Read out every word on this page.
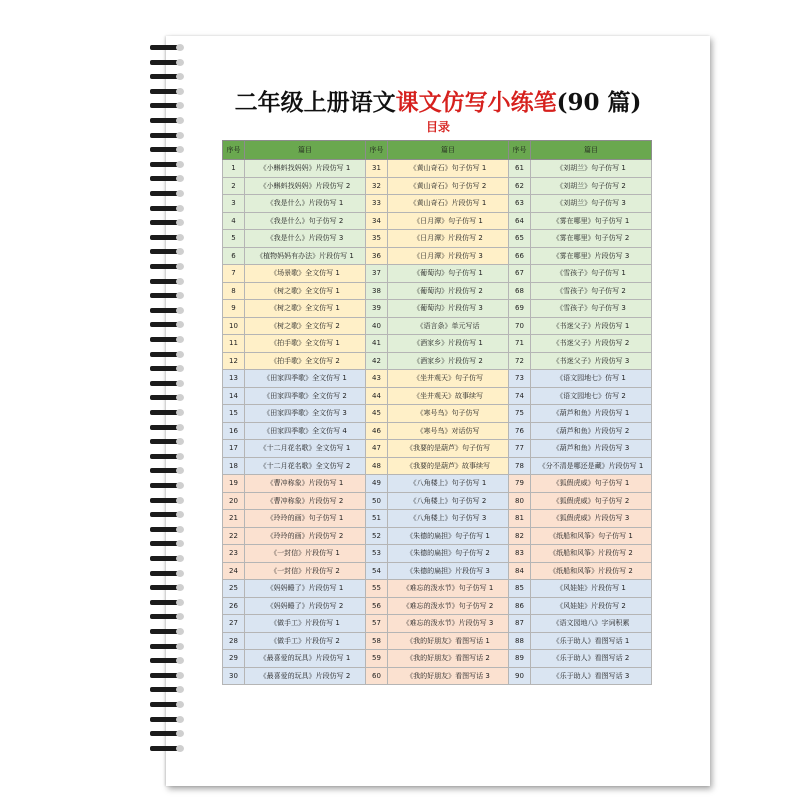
二年级上册语文课文仿写小练笔(90 篇)
目录
序号	篇目	序号	篇目	序号	篇目
1	《小蝌蚪找妈妈》片段仿写 1	31	《黄山奇石》句子仿写 1	61	《刘胡兰》句子仿写 1
2	《小蝌蚪找妈妈》片段仿写 2	32	《黄山奇石》句子仿写 2	62	《刘胡兰》句子仿写 2
3	《我是什么》片段仿写 1	33	《黄山奇石》片段仿写 1	63	《刘胡兰》句子仿写 3
4	《我是什么》句子仿写 2	34	《日月潭》句子仿写 1	64	《雾在哪里》句子仿写 1
5	《我是什么》片段仿写 3	35	《日月潭》片段仿写 2	65	《雾在哪里》句子仿写 2
6	《植物妈妈有办法》片段仿写 1	36	《日月潭》片段仿写 3	66	《雾在哪里》片段仿写 3
7	《场景歌》全文仿写 1	37	《葡萄沟》句子仿写 1	67	《雪孩子》句子仿写 1
8	《树之歌》全文仿写 1	38	《葡萄沟》片段仿写 2	68	《雪孩子》句子仿写 2
9	《树之歌》全文仿写 1	39	《葡萄沟》片段仿写 3	69	《雪孩子》句子仿写 3
10	《树之歌》全文仿写 2	40	《语言条》单元写话	70	《书迷父子》片段仿写 1
11	《拍手歌》全文仿写 1	41	《酒家乡》片段仿写 1	71	《书迷父子》片段仿写 2
12	《拍手歌》全文仿写 2	42	《酒家乡》片段仿写 2	72	《书迷父子》片段仿写 3
13	《田家四季歌》全文仿写 1	43	《坐井观天》句子仿写	73	《语文园地七》仿写 1
14	《田家四季歌》全文仿写 2	44	《坐井观天》故事续写	74	《语文园地七》仿写 2
15	《田家四季歌》全文仿写 3	45	《寒号鸟》句子仿写	75	《葫芦和鱼》片段仿写 1
16	《田家四季歌》全文仿写 4	46	《寒号鸟》对话仿写	76	《葫芦和鱼》片段仿写 2
17	《十二月花名歌》全文仿写 1	47	《我要的是葫芦》句子仿写	77	《葫芦和鱼》片段仿写 3
18	《十二月花名歌》全文仿写 2	48	《我要的是葫芦》故事续写	78	《分不清是哪还是藏》片段仿写 1
19	《曹冲称象》片段仿写 1	49	《八角楼上》句子仿写 1	79	《狐假虎威》句子仿写 1
20	《曹冲称象》片段仿写 2	50	《八角楼上》句子仿写 2	80	《狐假虎威》句子仿写 2
21	《玲玲的画》句子仿写 1	51	《八角楼上》句子仿写 3	81	《狐假虎威》片段仿写 3
22	《玲玲的画》片段仿写 2	52	《朱德的扁担》句子仿写 1	82	《纸船和风筝》句子仿写 1
23	《一封信》片段仿写 1	53	《朱德的扁担》句子仿写 2	83	《纸船和风筝》片段仿写 2
24	《一封信》片段仿写 2	54	《朱德的扁担》片段仿写 3	84	《纸船和风筝》片段仿写 2
25	《妈妈睡了》片段仿写 1	55	《难忘的泼水节》句子仿写 1	85	《风娃娃》片段仿写 1
26	《妈妈睡了》片段仿写 2	56	《难忘的泼水节》句子仿写 2	86	《风娃娃》片段仿写 2
27	《做手工》片段仿写 1	57	《难忘的泼水节》片段仿写 3	87	《语文园地八》字词积累
28	《做手工》片段仿写 2	58	《我的好朋友》看图写话 1	88	《乐于助人》看图写话 1
29	《最喜爱的玩具》片段仿写 1	59	《我的好朋友》看图写话 2	89	《乐于助人》看图写话 2
30	《最喜爱的玩具》片段仿写 2	60	《我的好朋友》看图写话 3	90	《乐于助人》看图写话 3
